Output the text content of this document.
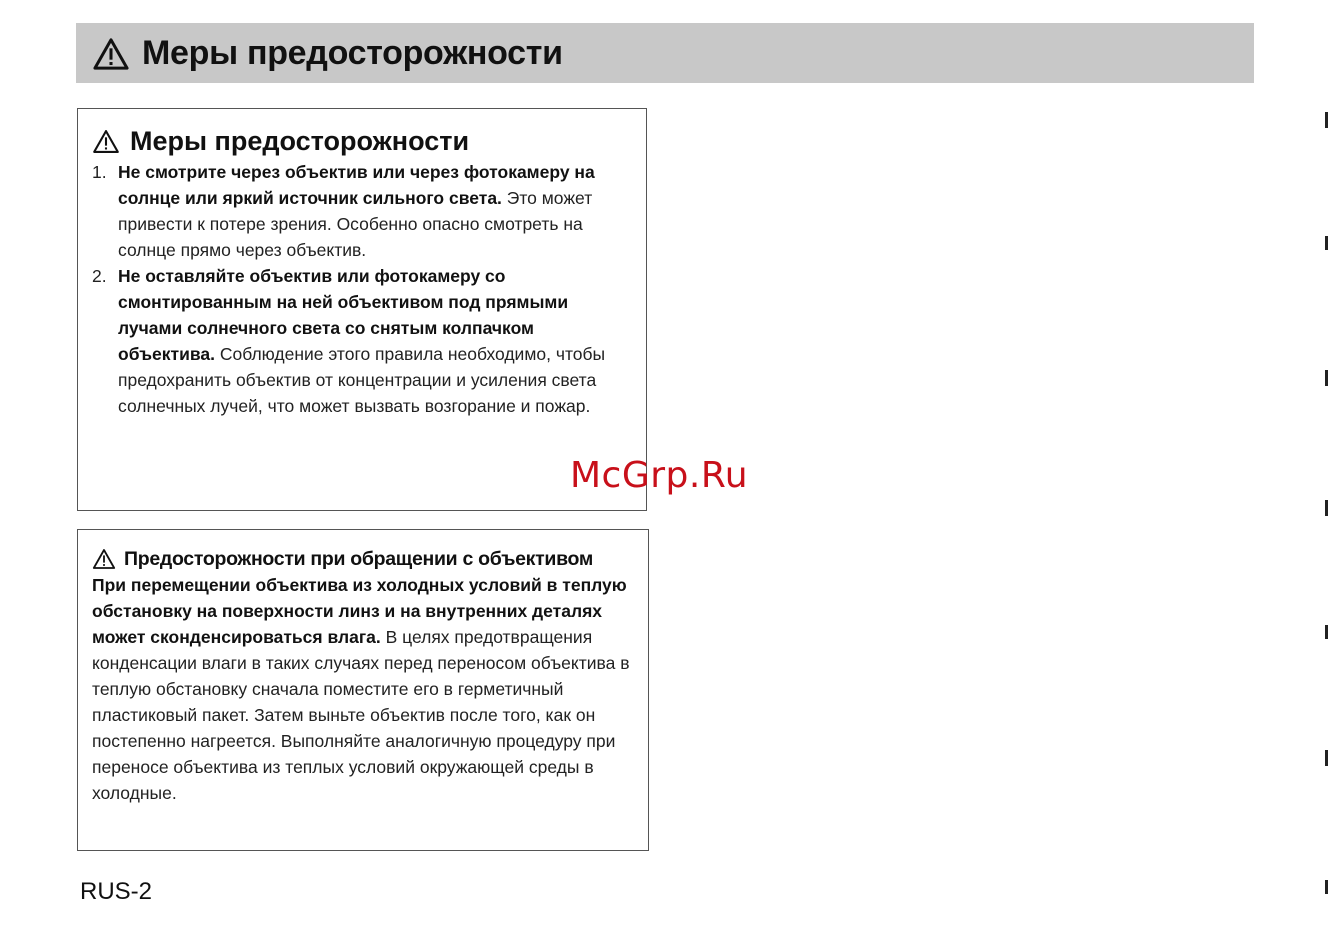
Меры предосторожности
Меры предосторожности
1. Не смотрите через объектив или через фотокамеру на солнце или яркий источник сильного света. Это может привести к потере зрения. Особенно опасно смотреть на солнце прямо через объектив.
2. Не оставляйте объектив или фотокамеру со смонтированным на ней объективом под прямыми лучами солнечного света со снятым колпачком объектива. Соблюдение этого правила необходимо, чтобы предохранить объектив от концентрации и усиления света солнечных лучей, что может вызвать возгорание и пожар.
Предосторожности при обращении с объективом
При перемещении объектива из холодных условий в теплую обстановку на поверхности линз и на внутренних деталях может сконденсироваться влага. В целях предотвращения конденсации влаги в таких случаях перед переносом объектива в теплую обстановку сначала поместите его в герметичный пластиковый пакет. Затем выньте объектив после того, как он постепенно нагреется. Выполняйте аналогичную процедуру при переносе объектива из теплых условий окружающей среды в холодные.
McGrp.Ru
RUS-2
